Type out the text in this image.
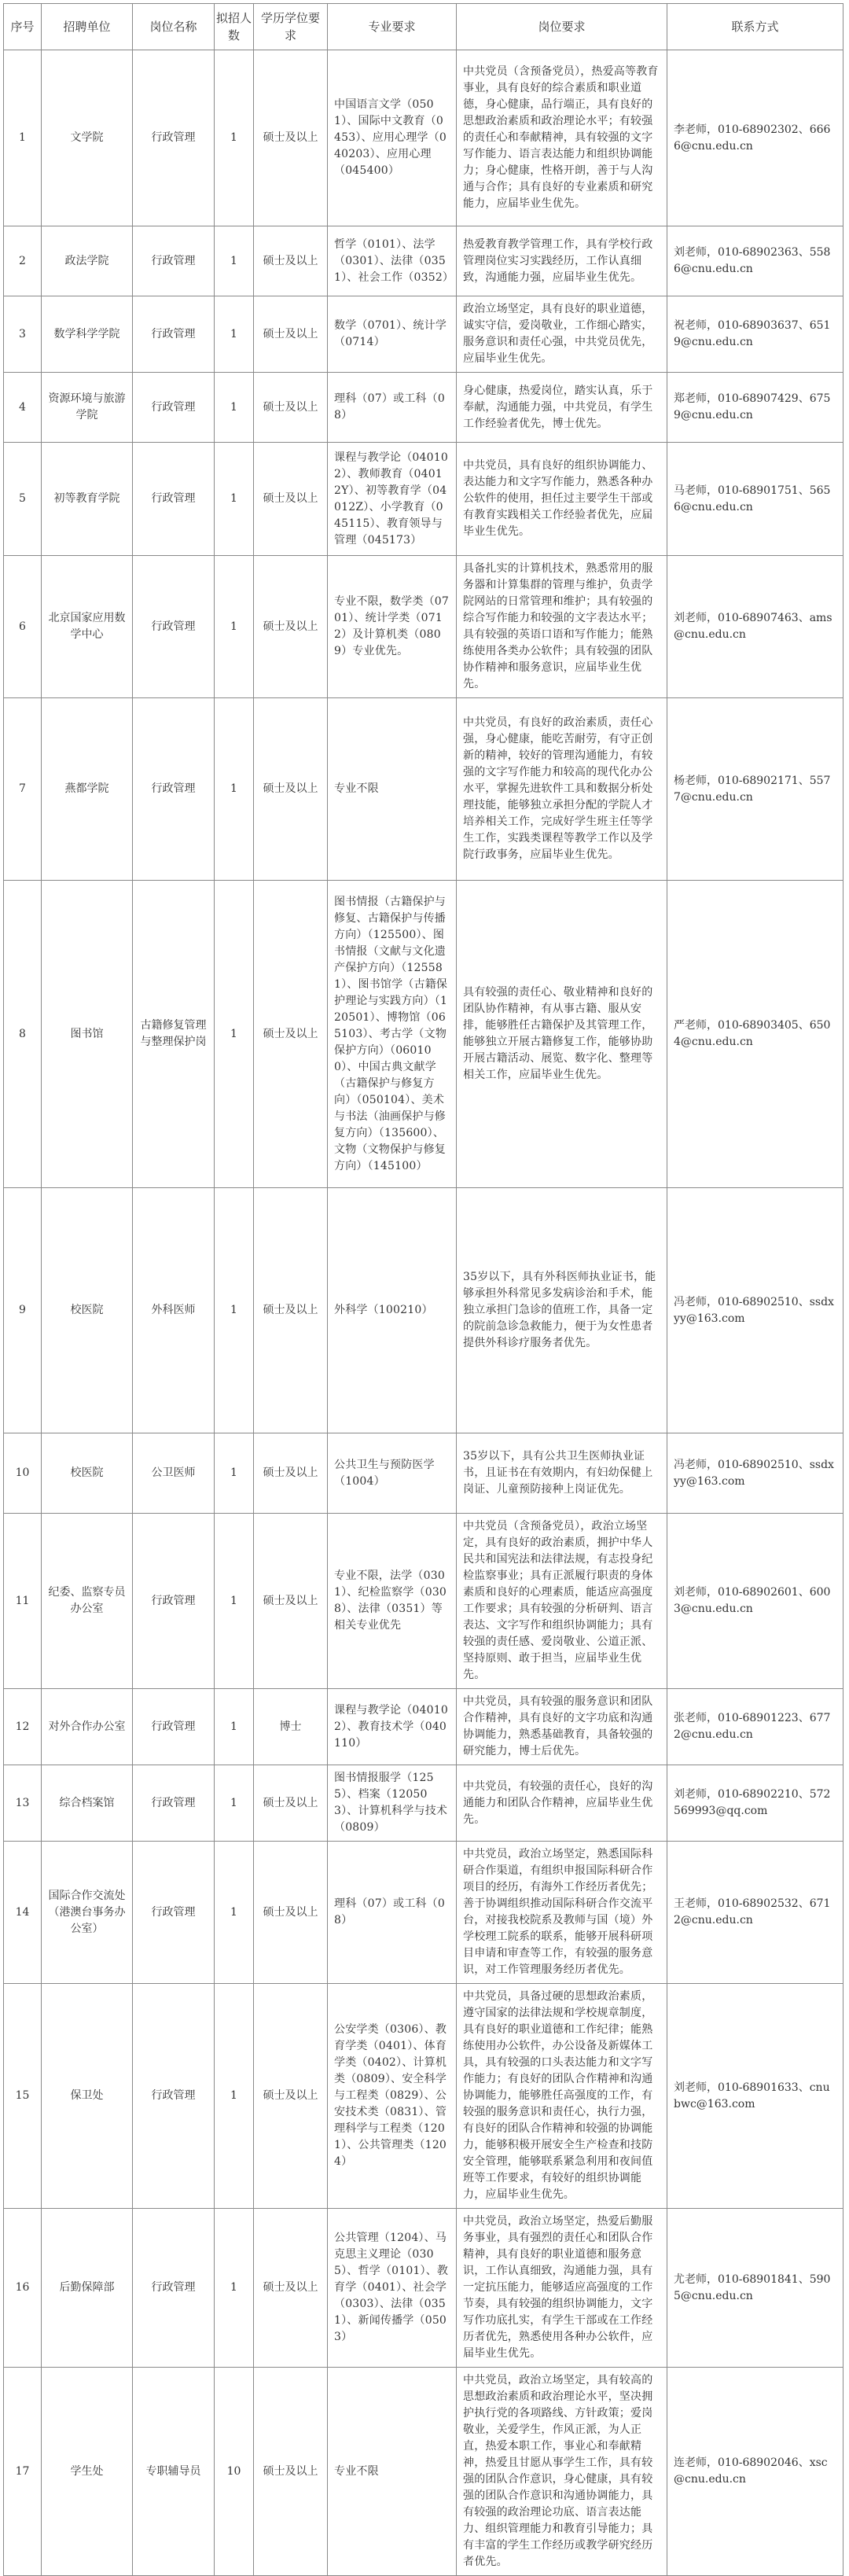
序号	招聘单位	岗位名称	拟招人数	学历学位要求	专业要求	岗位要求	联系方式
1	文学院	行政管理	1	硕士及以上	中国语言文学（0501）、国际中文教育（0453）、应用心理学（040203）、应用心理（045400）	中共党员（含预备党员），热爱高等教育事业，具有良好的综合素质和职业道德，身心健康，品行端正，具有良好的思想政治素质和政治理论水平；有较强的责任心和奉献精神，具有较强的文字写作能力、语言表达能力和组织协调能力；身心健康，性格开朗，善于与人沟通与合作；具有良好的专业素质和研究能力，应届毕业生优先。	李老师，010-68902302、6666@cnu.edu.cn
2	政法学院	行政管理	1	硕士及以上	哲学（0101）、法学（0301）、法律（0351）、社会工作（0352）	热爱教育教学管理工作，具有学校行政管理岗位实习实践经历，工作认真细致，沟通能力强，应届毕业生优先。	刘老师，010-68902363、5586@cnu.edu.cn
3	数学科学学院	行政管理	1	硕士及以上	数学（0701）、统计学（0714）	政治立场坚定，具有良好的职业道德，诚实守信，爱岗敬业，工作细心踏实，服务意识和责任心强，中共党员优先，应届毕业生优先。	祝老师，010-68903637、6519@cnu.edu.cn
4	资源环境与旅游学院	行政管理	1	硕士及以上	理科（07）或工科（08）	身心健康，热爱岗位，踏实认真，乐于奉献，沟通能力强，中共党员，有学生工作经验者优先，博士优先。	郑老师，010-68907429、6759@cnu.edu.cn
5	初等教育学院	行政管理	1	硕士及以上	课程与教学论（040102）、教师教育（04012Y）、初等教育学（04012Z）、小学教育（045115）、教育领导与管理（045173）	中共党员，具有良好的组织协调能力、表达能力和文字写作能力，熟悉各种办公软件的使用，担任过主要学生干部或有教育实践相关工作经验者优先，应届毕业生优先。	马老师，010-68901751、5656@cnu.edu.cn
6	北京国家应用数学中心	行政管理	1	硕士及以上	专业不限，数学类（0701）、统计学类（0712）及计算机类（0809）专业优先。	具备扎实的计算机技术，熟悉常用的服务器和计算集群的管理与维护，负责学院网站的日常管理和维护；具有较强的综合写作能力和较强的文字表达水平；具有较强的英语口语和写作能力；能熟练使用各类办公软件；具有较强的团队协作精神和服务意识，应届毕业生优先。	刘老师，010-68907463、ams@cnu.edu.cn
7	燕都学院	行政管理	1	硕士及以上	专业不限	中共党员，有良好的政治素质，责任心强，身心健康，能吃苦耐劳，有守正创新的精神，较好的管理沟通能力，有较强的文字写作能力和较高的现代化办公水平，掌握先进软件工具和数据分析处理技能，能够独立承担分配的学院人才培养相关工作，完成好学生班主任等学生工作，实践类课程等教学工作以及学院行政事务，应届毕业生优先。	杨老师，010-68902171、5577@cnu.edu.cn
8	图书馆	古籍修复管理与整理保护岗	1	硕士及以上	图书情报（古籍保护与修复、古籍保护与传播方向）（125500）、图书情报（文献与文化遗产保护方向）（125581）、图书馆学（古籍保护理论与实践方向）（120501）、博物馆（065103）、考古学（文物保护方向）（060100）、中国古典文献学（古籍保护与修复方向）（050104）、美术与书法（油画保护与修复方向）（135600）、文物（文物保护与修复方向）（145100）	具有较强的责任心、敬业精神和良好的团队协作精神，有从事古籍、服从安排，能够胜任古籍保护及其管理工作，能够独立开展古籍修复工作，能够协助开展古籍活动、展览、数字化、整理等相关工作，应届毕业生优先。	严老师，010-68903405、6504@cnu.edu.cn
9	校医院	外科医师	1	硕士及以上	外科学（100210）	35岁以下，具有外科医师执业证书，能够承担外科常见多发病诊治和手术，能独立承担门急诊的值班工作，具备一定的院前急诊急救能力，便于为女性患者提供外科诊疗服务者优先。	冯老师，010-68902510、ssdxyy@163.com
10	校医院	公卫医师	1	硕士及以上	公共卫生与预防医学（1004）	35岁以下，具有公共卫生医师执业证书，且证书在有效期内，有妇幼保健上岗证、儿童预防接种上岗证优先。	冯老师，010-68902510、ssdxyy@163.com
11	纪委、监察专员办公室	行政管理	1	硕士及以上	专业不限，法学（0301）、纪检监察学（0308）、法律（0351）等相关专业优先	中共党员（含预备党员），政治立场坚定，具有良好的政治素质，拥护中华人民共和国宪法和法律法规，有志投身纪检监察事业；具有正派履行职责的身体素质和良好的心理素质，能适应高强度工作要求；具有较强的分析研判、语言表达、文字写作和组织协调能力；具有较强的责任感、爱岗敬业、公道正派、坚持原则、敢于担当，应届毕业生优先。	刘老师，010-68902601、6003@cnu.edu.cn
12	对外合作办公室	行政管理	1	博士	课程与教学论（040102）、教育技术学（040110）	中共党员，具有较强的服务意识和团队合作精神，具有良好的文字功底和沟通协调能力，熟悉基础教育，具备较强的研究能力，博士后优先。	张老师，010-68901223、6772@cnu.edu.cn
13	综合档案馆	行政管理	1	硕士及以上	图书情报服学（1255）、档案（120503）、计算机科学与技术（0809）	中共党员，有较强的责任心，良好的沟通能力和团队合作精神，应届毕业生优先。	刘老师，010-68902210、572569993@qq.com
14	国际合作交流处（港澳台事务办公室）	行政管理	1	硕士及以上	理科（07）或工科（08）	中共党员，政治立场坚定，熟悉国际科研合作渠道，有组织申报国际科研合作项目的经历，有海外工作经历者优先；善于协调组织推动国际科研合作交流平台，对接我校院系及教师与国（境）外学校理工院系的联系，能够开展科研项目申请和审查等工作，有较强的服务意识，对工作管理服务经历者优先。	王老师，010-68902532、6712@cnu.edu.cn
15	保卫处	行政管理	1	硕士及以上	公安学类（0306）、教育学类（0401）、体育学类（0402）、计算机类（0809）、安全科学与工程类（0829）、公安技术类（0831）、管理科学与工程类（1201）、公共管理类（1204）	中共党员，具备过硬的思想政治素质，遵守国家的法律法规和学校规章制度，具有良好的职业道德和工作纪律；能熟练使用办公软件，办公设备及新媒体工具，具有较强的口头表达能力和文字写作能力；有良好的团队合作精神和沟通协调能力，能够胜任高强度的工作，有较强的服务意识和责任心，执行力强，有良好的团队合作精神和较强的协调能力，能够积极开展安全生产检查和技防安全管理，能够联系紧急利用和夜间值班等工作要求，有较好的组织协调能力，应届毕业生优先。	刘老师，010-68901633、cnubwc@163.com
16	后勤保障部	行政管理	1	硕士及以上	公共管理（1204）、马克思主义理论（0305）、哲学（0101）、教育学（0401）、社会学（0303）、法律（0351）、新闻传播学（0503）	中共党员，政治立场坚定，热爱后勤服务事业，具有强烈的责任心和团队合作精神，具有良好的职业道德和服务意识，工作认真细致，沟通能力强，具有一定抗压能力，能够适应高强度的工作节奏，具有较强的组织协调能力，文字写作功底扎实，有学生干部或在工作经历者优先，熟悉使用各种办公软件，应届毕业生优先。	尤老师，010-68901841、5905@cnu.edu.cn
17	学生处	专职辅导员	10	硕士及以上	专业不限	中共党员，政治立场坚定，具有较高的思想政治素质和政治理论水平，坚决拥护执行党的各项路线、方针政策；爱岗敬业，关爱学生，作风正派，为人正直，热爱本职工作，事业心和奉献精神，热爱且甘愿从事学生工作，具有较强的团队合作意识，身心健康，具有较强的团队合作意识和沟通协调能力，具有较强的政治理论功底、语言表达能力、组织管理能力和教育引导能力；具有丰富的学生工作经历或教学研究经历者优先。	连老师，010-68902046、xsc@cnu.edu.cn
